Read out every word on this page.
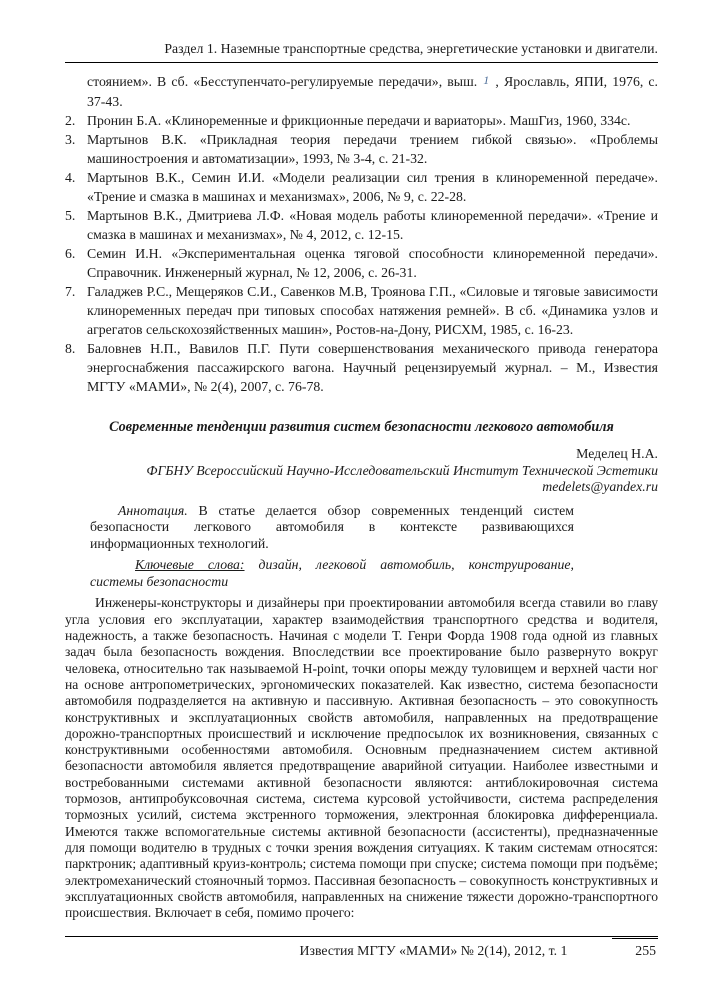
Раздел 1. Наземные транспортные средства, энергетические установки и двигатели.
стоянием». В сб. «Бесступенчато-регулируемые передачи», выш. 1 , Ярославль, ЯПИ, 1976, с. 37-43.
2. Пронин Б.А. «Клиноременные и фрикционные передачи и вариаторы». МашГиз, 1960, 334с.
3. Мартынов В.К. «Прикладная теория передачи трением гибкой связью». «Проблемы машиностроения и автоматизации», 1993, № 3-4, с. 21-32.
4. Мартынов В.К., Семин И.И. «Модели реализации сил трения в клиноременной передаче». «Трение и смазка в машинах и механизмах», 2006, № 9, с. 22-28.
5. Мартынов В.К., Дмитриева Л.Ф. «Новая модель работы клиноременной передачи». «Трение и смазка в машинах и механизмах», № 4, 2012, с. 12-15.
6. Семин И.Н. «Экспериментальная оценка тяговой способности клиноременной передачи». Справочник. Инженерный журнал, № 12, 2006, с. 26-31.
7. Галаджев Р.С., Мещеряков С.И., Савенков М.В, Троянова Г.П., «Силовые и тяговые зависимости клиноременных передач при типовых способах натяжения ремней». В сб. «Динамика узлов и агрегатов сельскохозяйственных машин», Ростов-на-Дону, РИСХМ, 1985, с. 16-23.
8. Баловнев Н.П., Вавилов П.Г. Пути совершенствования механического привода генератора энергоснабжения пассажирского вагона. Научный рецензируемый журнал. – М., Известия МГТУ «МАМИ», № 2(4), 2007, с. 76-78.
Современные тенденции развития систем безопасности легкового автомобиля
Меделец Н.А.
ФГБНУ Всероссийский Научно-Исследовательский Институт Технической Эстетики
medelets@yandex.ru

Аннотация. В статье делается обзор современных тенденций систем безопасности легкового автомобиля в контексте развивающихся информационных технологий.

Ключевые слова: дизайн, легковой автомобиль, конструирование, системы безопасности

Инженеры-конструкторы и дизайнеры при проектировании автомобиля всегда ставили во главу угла условия его эксплуатации, характер взаимодействия транспортного средства и водителя, надежность, а также безопасность. Начиная с модели Т. Генри Форда 1908 года одной из главных задач была безопасность вождения. Впоследствии все проектирование было развернуто вокруг человека, относительно так называемой H-point, точки опоры между туловищем и верхней части ног на основе антропометрических, эргономических показателей. Как известно, система безопасности автомобиля подразделяется на активную и пассивную. Активная безопасность – это совокупность конструктивных и эксплуатационных свойств автомобиля, направленных на предотвращение дорожно-транспортных происшествий и исключение предпосылок их возникновения, связанных с конструктивными особенностями автомобиля. Основным предназначением систем активной безопасности автомобиля является предотвращение аварийной ситуации. Наиболее известными и востребованными системами активной безопасности являются: антиблокировочная система тормозов, антипробуксовочная система, система курсовой устойчивости, система распределения тормозных усилий, система экстренного торможения, электронная блокировка дифференциала. Имеются также вспомогательные системы активной безопасности (ассистенты), предназначенные для помощи водителю в трудных с точки зрения вождения ситуациях. К таким системам относятся: парктроник; адаптивный круиз-контроль; система помощи при спуске; система помощи при подъёме; электромеханический стояночный тормоз. Пассивная безопасность – совокупность конструктивных и эксплуатационных свойств автомобиля, направленных на снижение тяжести дорожно-транспортного происшествия. Включает в себя, помимо прочего:

Известия МГТУ «МАМИ» № 2(14), 2012, т. 1	255
